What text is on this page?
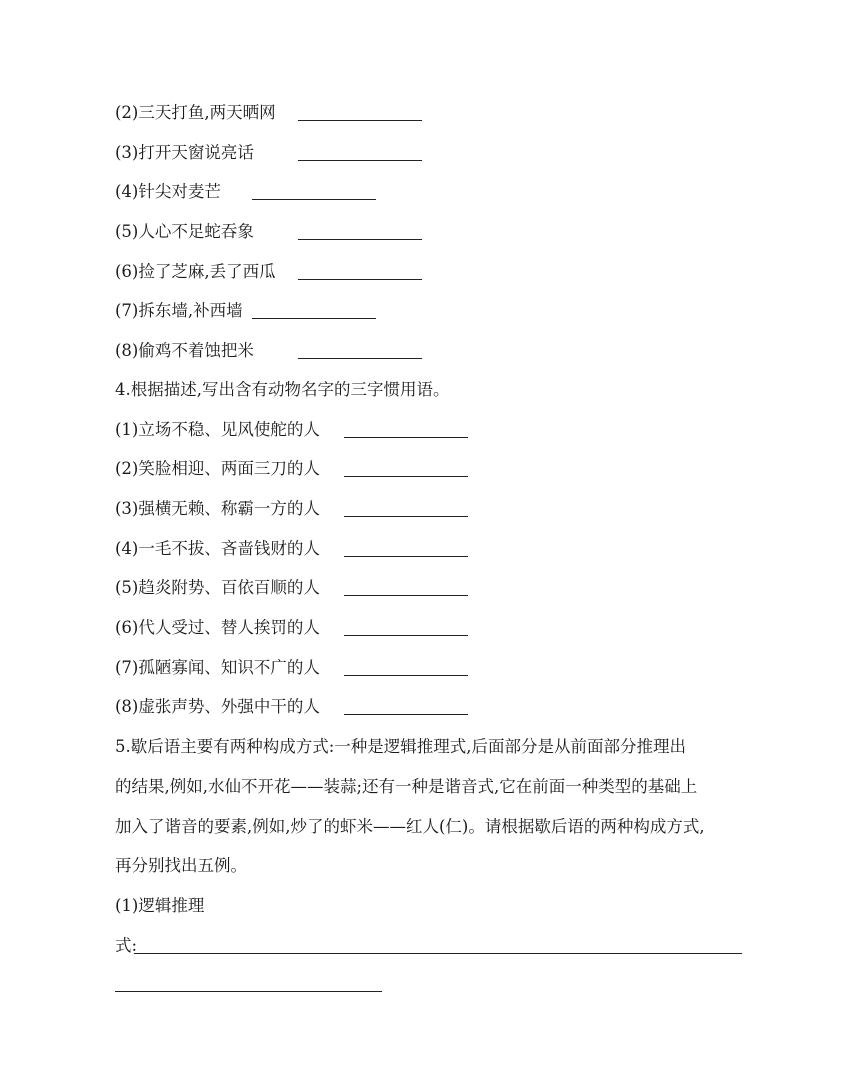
(2)三天打鱼,两天晒网
(3)打开天窗说亮话
(4)针尖对麦芒
(5)人心不足蛇吞象
(6)捡了芝麻,丢了西瓜
(7)拆东墙,补西墙
(8)偷鸡不着蚀把米
4.根据描述,写出含有动物名字的三字惯用语。
(1)立场不稳、见风使舵的人
(2)笑脸相迎、两面三刀的人
(3)强横无赖、称霸一方的人
(4)一毛不拔、吝啬钱财的人
(5)趋炎附势、百依百顺的人
(6)代人受过、替人挨罚的人
(7)孤陋寡闻、知识不广的人
(8)虚张声势、外强中干的人
5.歇后语主要有两种构成方式:一种是逻辑推理式,后面部分是从前面部分推理出
的结果,例如,水仙不开花——装蒜;还有一种是谐音式,它在前面一种类型的基础上
加入了谐音的要素,例如,炒了的虾米——红人(仁)。请根据歇后语的两种构成方式,
再分别找出五例。
(1)逻辑推理
式:
